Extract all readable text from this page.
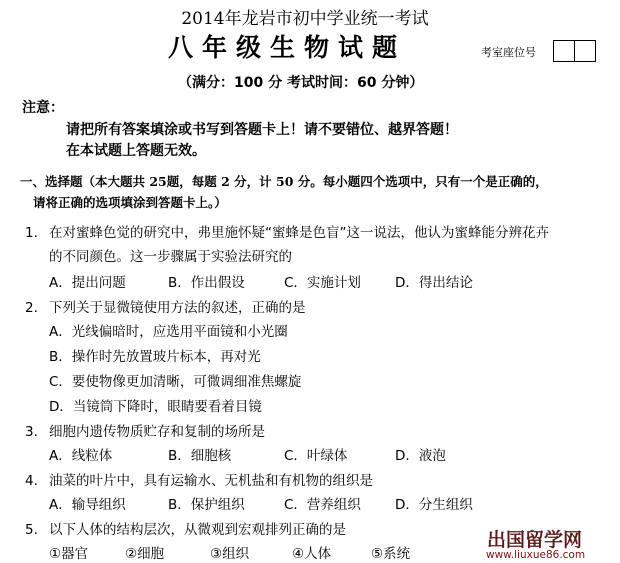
2014年龙岩市初中学业统一考试
八年级生物试题	考室座位号
（满分：100 分 考试时间：60 分钟）
注意：
请把所有答案填涂或书写到答题卡上！请不要错位、越界答题！
在本试题上答题无效。
一、选择题（本大题共 25题，每题 2 分，计 50 分。每小题四个选项中，只有一个是正确的，
请将正确的选项填涂到答题卡上。）
1. 在对蜜蜂色觉的研究中，弗里施怀疑“蜜蜂是色盲”这一说法，他认为蜜蜂能分辨花卉
的不同颜色。这一步骤属于实验法研究的
A．提出问题	B．作出假设	C．实施计划	D．得出结论
2. 下列关于显微镜使用方法的叙述，正确的是
A．光线偏暗时，应选用平面镜和小光圈
B．操作时先放置玻片标本，再对光
C．要使物像更加清晰，可微调细准焦螺旋
D．当镜筒下降时，眼睛要看着目镜
3. 细胞内遗传物质贮存和复制的场所是
A．线粒体	B．细胞核	C．叶绿体	D．液泡
4. 油菜的叶片中，具有运输水、无机盐和有机物的组织是
A．输导组织	B．保护组织	C．营养组织	D．分生组织
5. 以下人体的结构层次，从微观到宏观排列正确的是
①器官	②细胞	③组织	④人体	⑤系统
出国留学网
www.liuxue86.com
